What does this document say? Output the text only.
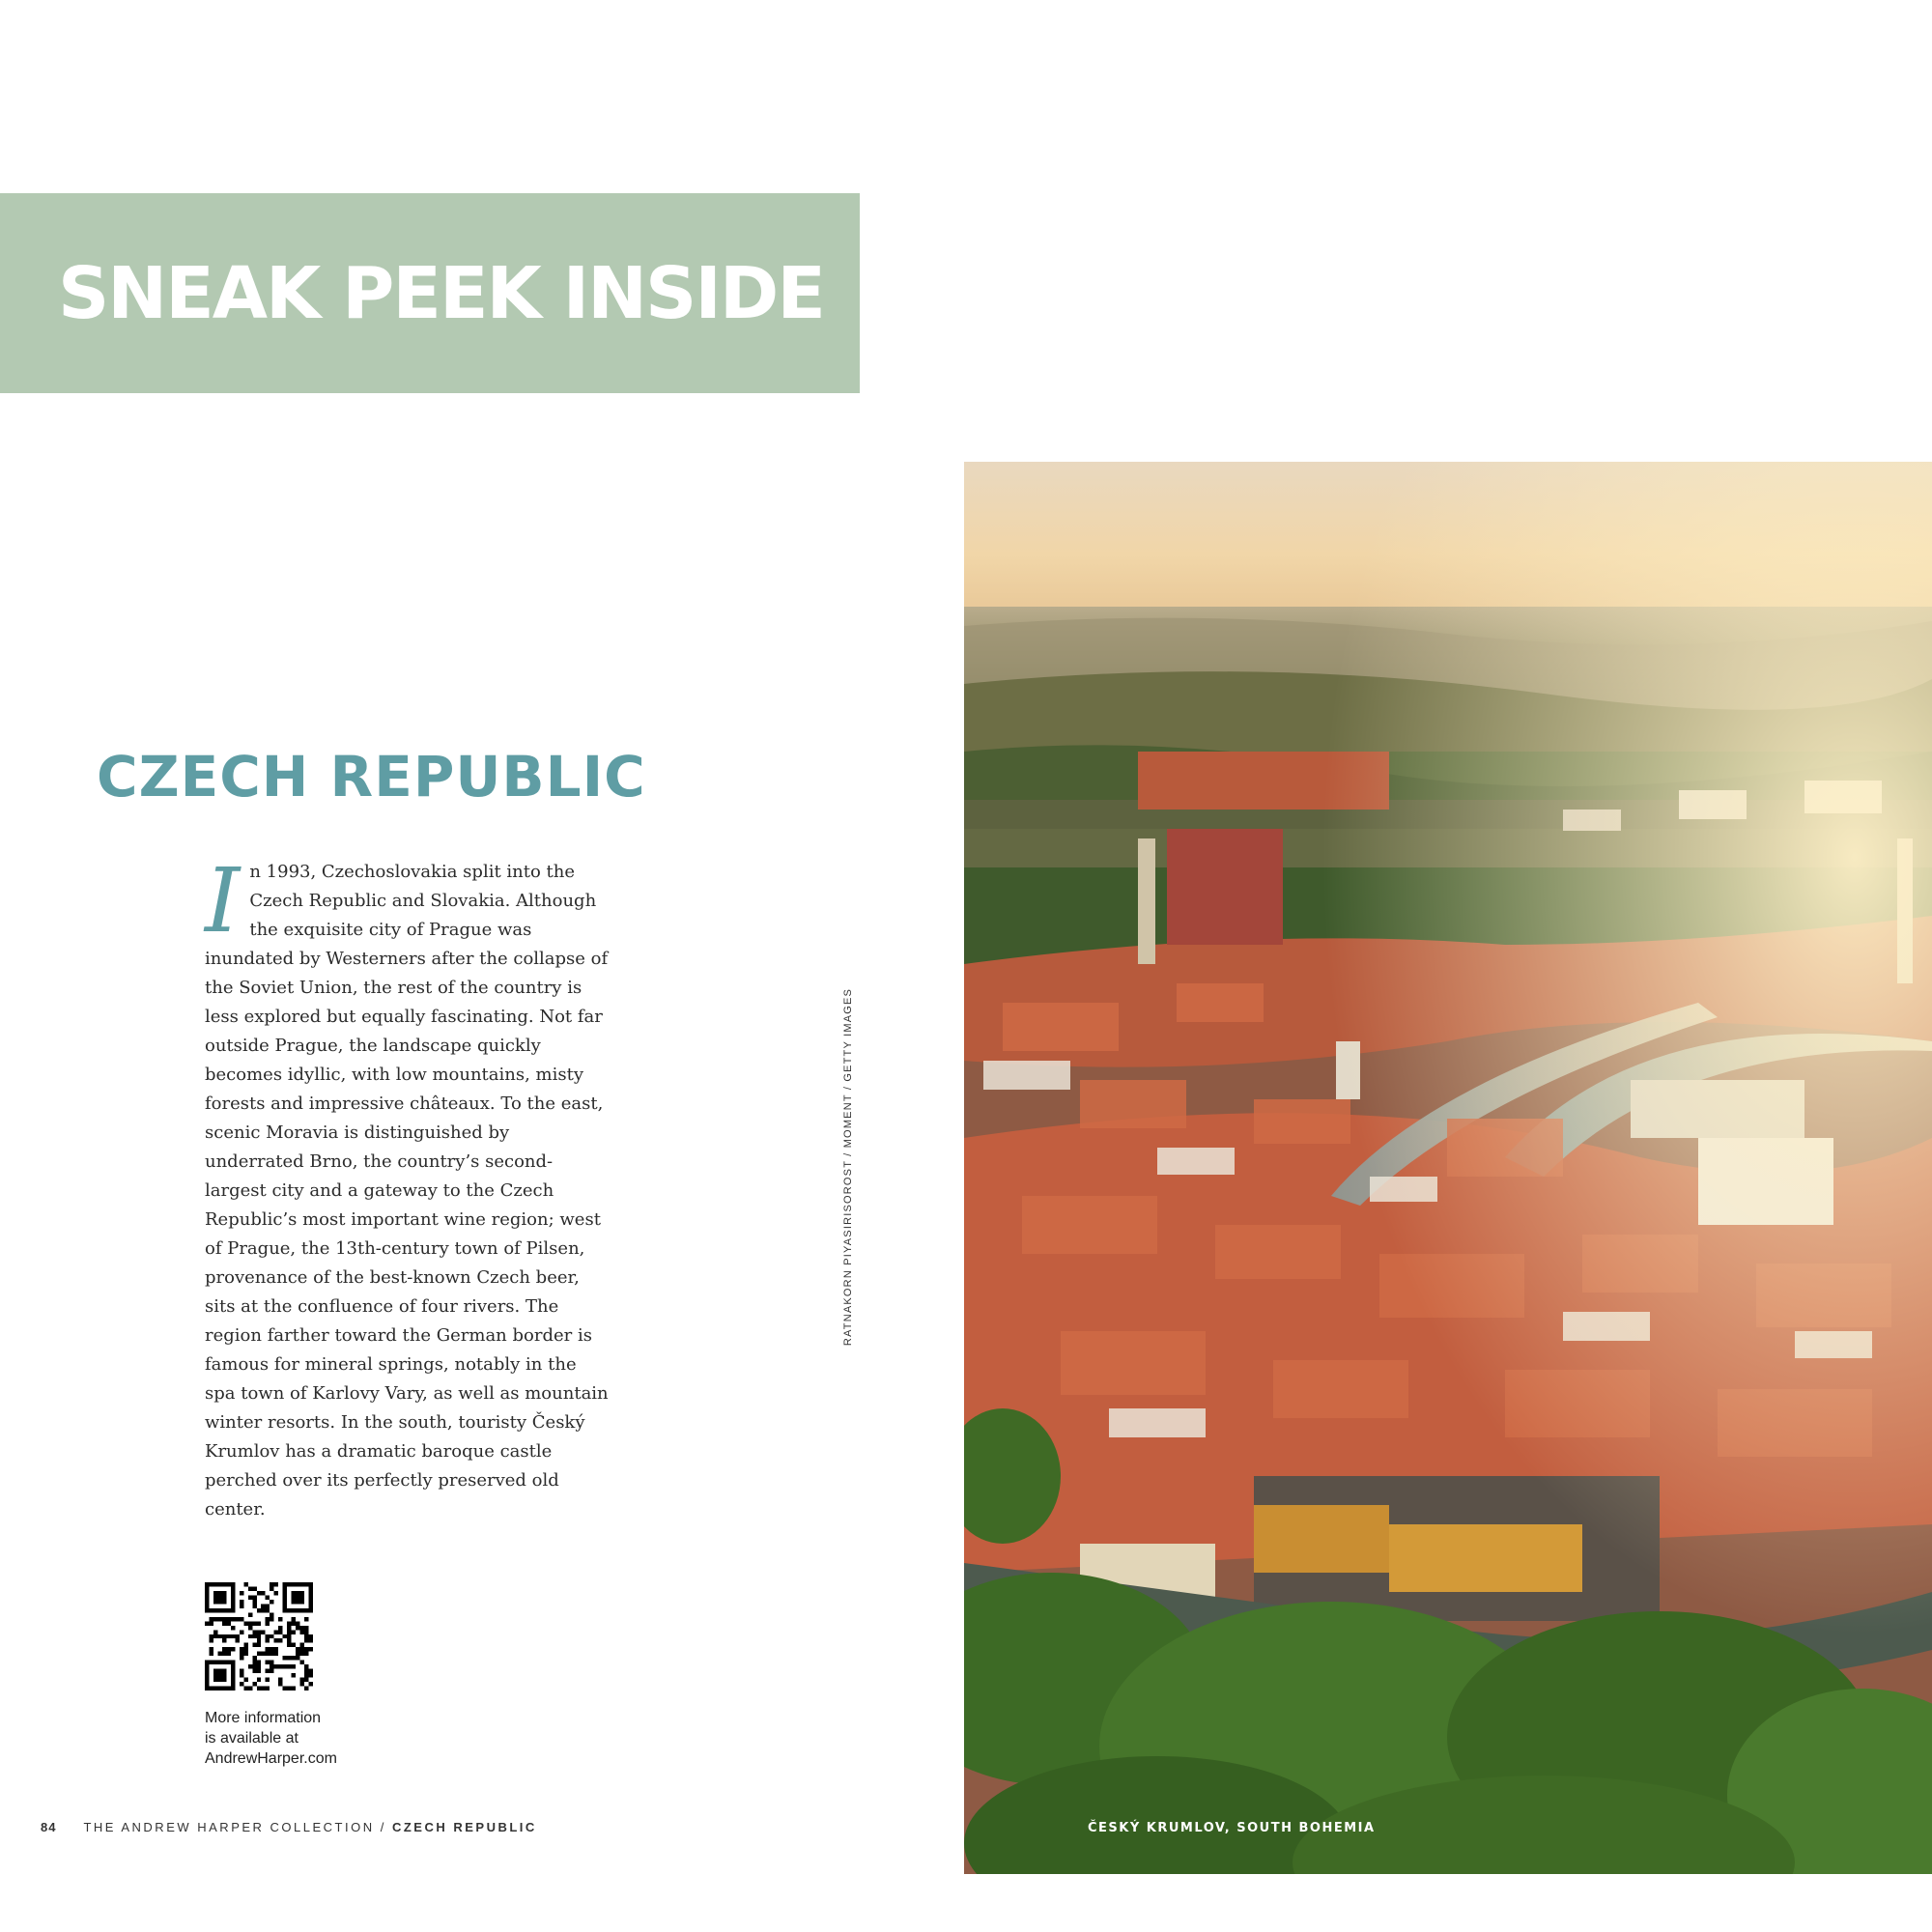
SNEAK PEEK INSIDE
CZECH REPUBLIC

In 1993, Czechoslovakia split into the Czech Republic and Slovakia. Although the exquisite city of Prague was inundated by Westerners after the collapse of the Soviet Union, the rest of the country is less explored but equally fascinating. Not far outside Prague, the landscape quickly becomes idyllic, with low mountains, misty forests and impressive châteaux. To the east, scenic Moravia is distinguished by underrated Brno, the country’s second-largest city and a gateway to the Czech Republic’s most important wine region; west of Prague, the 13th-century town of Pilsen, provenance of the best-known Czech beer, sits at the confluence of four rivers. The region farther toward the German border is famous for mineral springs, notably in the spa town of Karlovy Vary, as well as mountain winter resorts. In the south, touristy Český Krumlov has a dramatic baroque castle perched over its perfectly preserved old center.

More information
is available at
AndrewHarper.com

84 THE ANDREW HARPER COLLECTION / CZECH REPUBLIC
RATNAKORN PIYASIRISOROST / MOMENT / GETTY IMAGES

ČESKÝ KRUMLOV, SOUTH BOHEMIA
